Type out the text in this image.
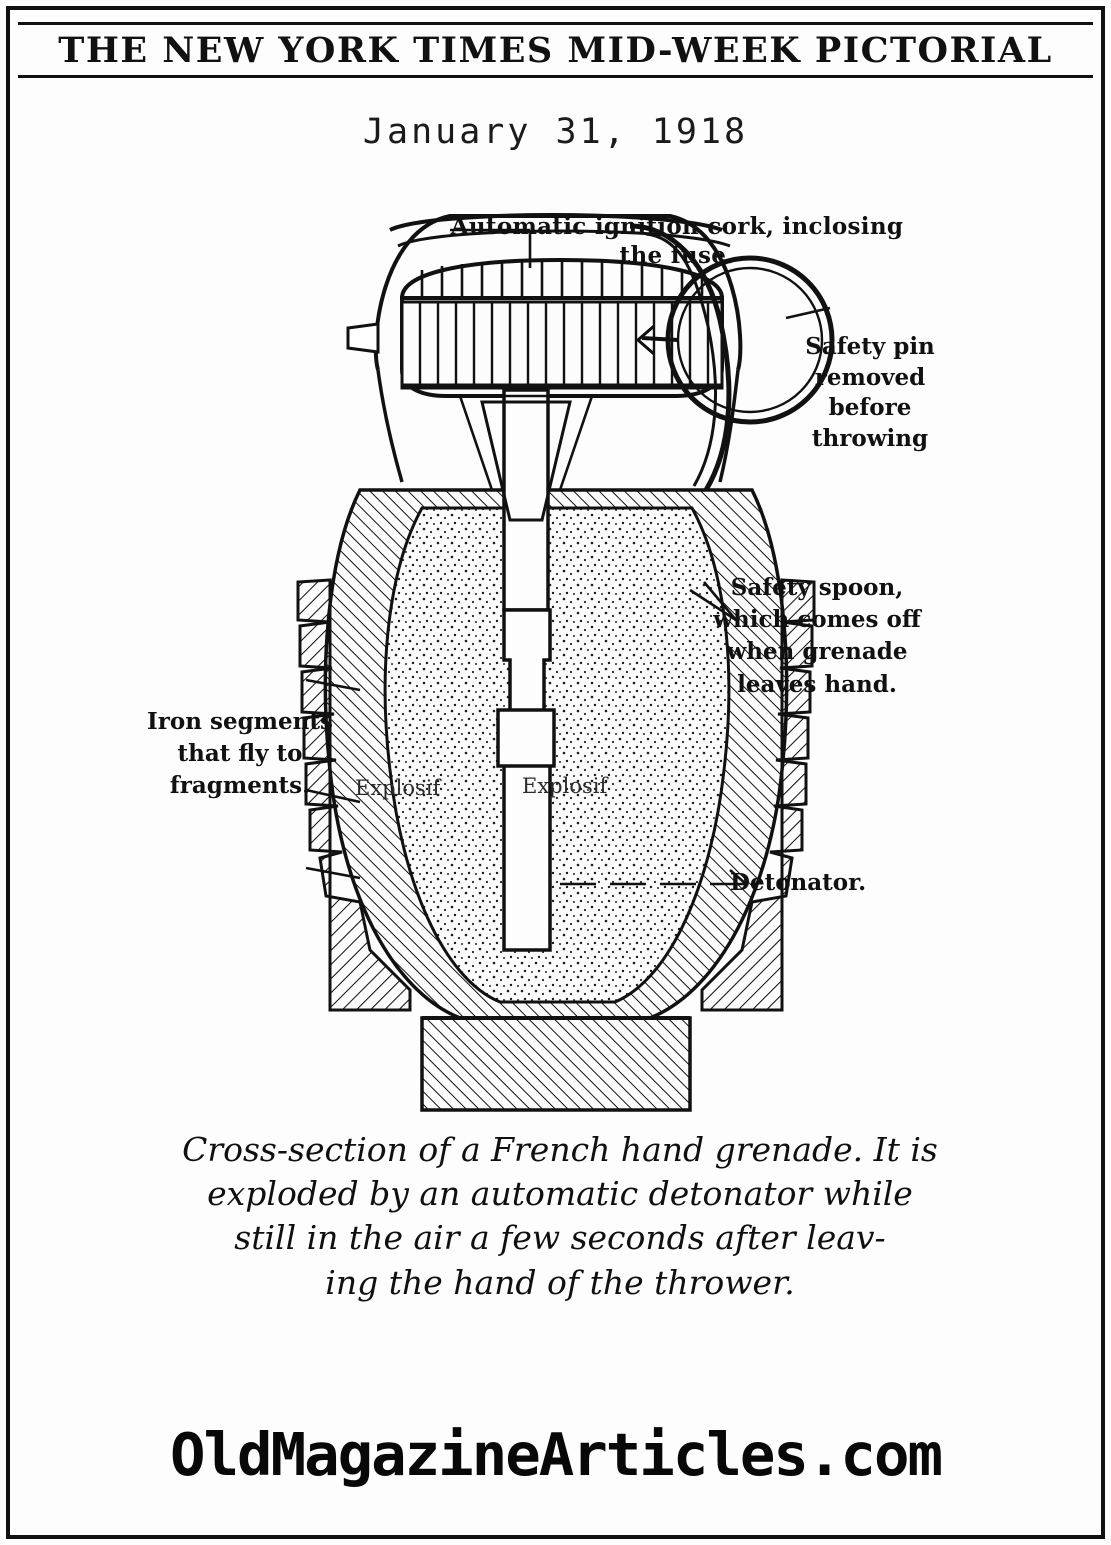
THE NEW YORK TIMES MID-WEEK PICTORIAL
January 31, 1918
Automatic ignition cork, inclosing the fuse.
Safety pin removed before throwing
Safety spoon, which comes off when grenade leaves hand.
Detonator.
Iron segments that fly to fragments.	Explosif	Explosif
Cross-section of a French hand grenade. It is
exploded by an automatic detonator while
still in the air a few seconds after leav-
ing the hand of the thrower.
OldMagazineArticles.com
